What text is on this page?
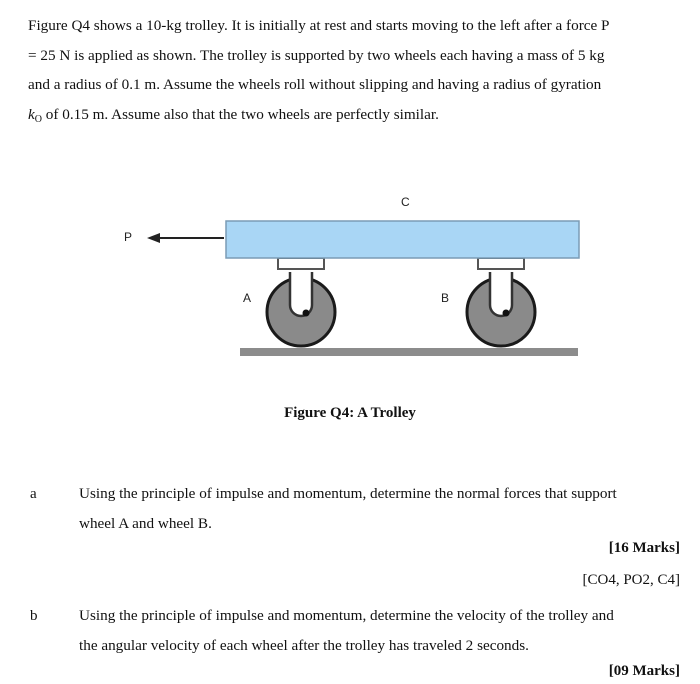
Figure Q4 shows a 10-kg trolley. It is initially at rest and starts moving to the left after a force P

= 25 N is applied as shown. The trolley is supported by two wheels each having a mass of 5 kg

and a radius of 0.1 m. Assume the wheels roll without slipping and having a radius of gyration

$k_O$ of 0.15 m. Assume also that the two wheels are perfectly similar.

C
P
A	B
Figure Q4: A Trolley
a	Using the principle of impulse and momentum, determine the normal forces that support
wheel A and wheel B.
[16 Marks]
[CO4, PO2, C4]
b	Using the principle of impulse and momentum, determine the velocity of the trolley and
the angular velocity of each wheel after the trolley has traveled 2 seconds.
[09 Marks]
